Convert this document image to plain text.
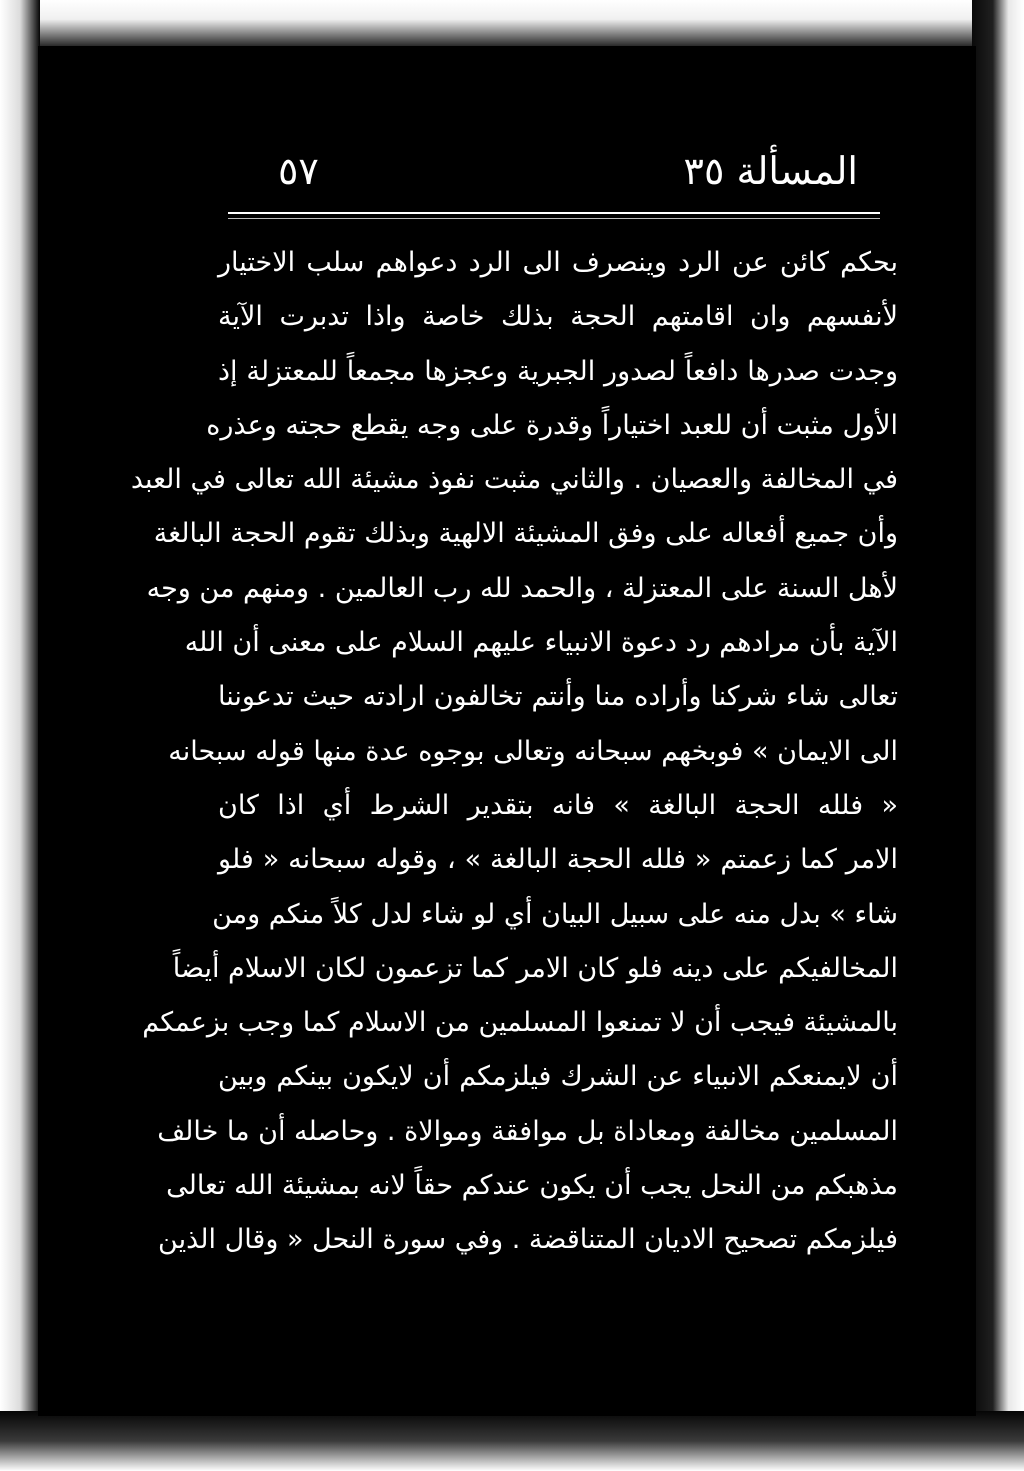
المسألة ٣٥
٥٧
بحكم كائن عن الرد وينصرف الى الرد دعواهم سلب الاختيار
لأنفسهم وان اقامتهم الحجة بذلك خاصة واذا تدبرت الآية
وجدت صدرها دافعاً لصدور الجبرية وعجزها مجمعاً للمعتزلة إذ
الأول مثبت أن للعبد اختياراً وقدرة على وجه يقطع حجته وعذره
في المخالفة والعصيان . والثاني مثبت نفوذ مشيئة الله تعالى في العبد
وأن جميع أفعاله على وفق المشيئة الالهية وبذلك تقوم الحجة البالغة
لأهل السنة على المعتزلة ، والحمد لله رب العالمين . ومنهم من وجه
الآية بأن مرادهم رد دعوة الانبياء عليهم السلام على معنى أن الله
تعالى شاء شركنا وأراده منا وأنتم تخالفون ارادته حيث تدعوننا
الى الايمان » فوبخهم سبحانه وتعالى بوجوه عدة منها قوله سبحانه
« فلله الحجة البالغة » فانه بتقدير الشرط أي اذا كان
الامر كما زعمتم « فلله الحجة البالغة » ، وقوله سبحانه « فلو
شاء » بدل منه على سبيل البيان أي لو شاء لدل كلاً منكم ومن
المخالفيكم على دينه فلو كان الامر كما تزعمون لكان الاسلام أيضاً
بالمشيئة فيجب أن لا تمنعوا المسلمين من الاسلام كما وجب بزعمكم
أن لايمنعكم الانبياء عن الشرك فيلزمكم أن لايكون بينكم وبين
المسلمين مخالفة ومعاداة بل موافقة وموالاة . وحاصله أن ما خالف
مذهبكم من النحل يجب أن يكون عندكم حقاً لانه بمشيئة الله تعالى
فيلزمكم تصحيح الاديان المتناقضة . وفي سورة النحل « وقال الذين
